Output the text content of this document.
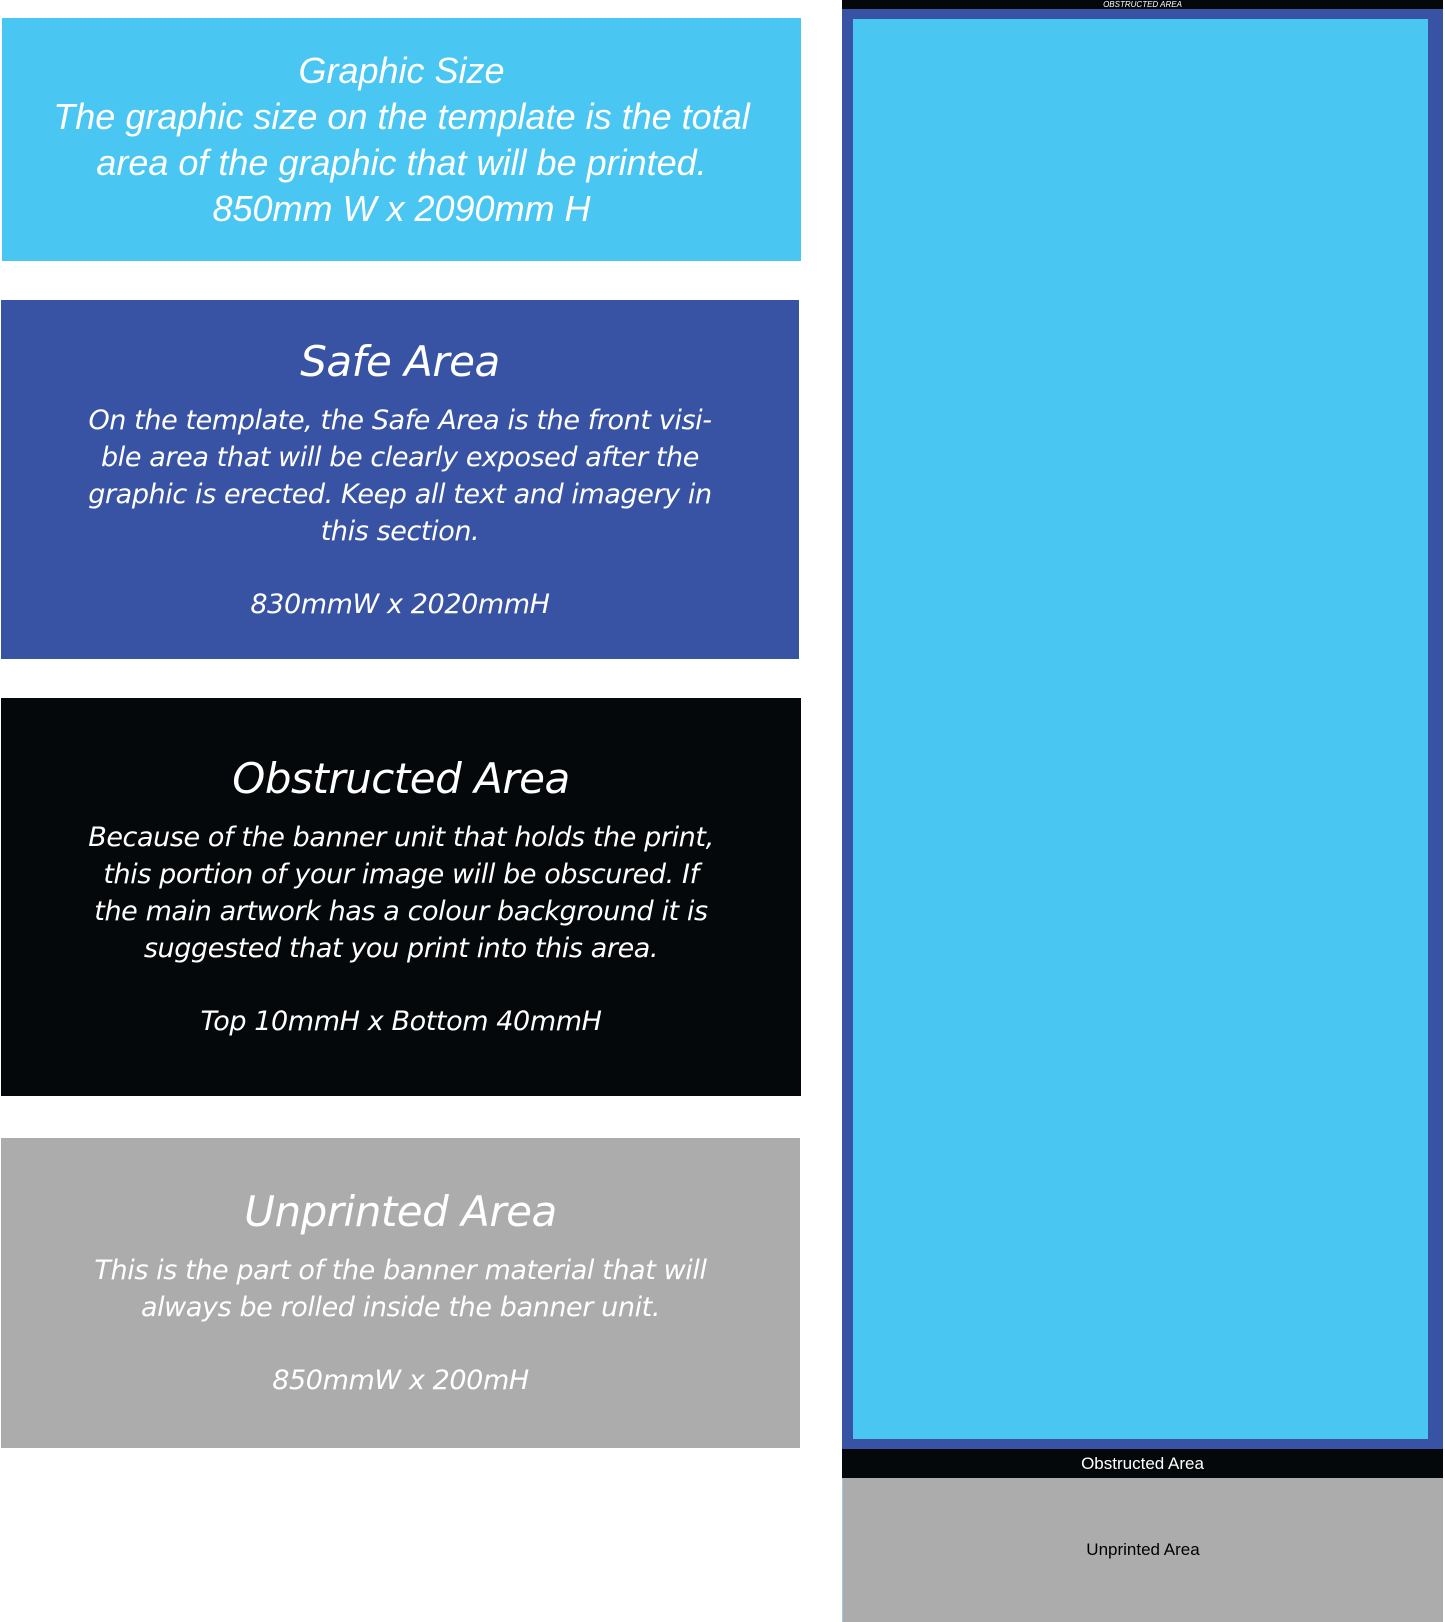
Graphic Size

The graphic size on the template is the total

area of the graphic that will be printed.

850mm W x 2090mm H

Safe Area

On the template, the Safe Area is the front visi-

ble area that will be clearly exposed after the

graphic is erected. Keep all text and imagery in

this section.

830mmW x 2020mmH

Obstructed Area

Because of the banner unit that holds the print,

this portion of your image will be obscured. If

the main artwork has a colour background it is

suggested that you print into this area.

Top 10mmH x Bottom 40mmH

Unprinted Area

This is the part of the banner material that will

always be rolled inside the banner unit.

850mmW x 200mH

OBSTRUCTED AREA
Obstructed Area
Unprinted Area
